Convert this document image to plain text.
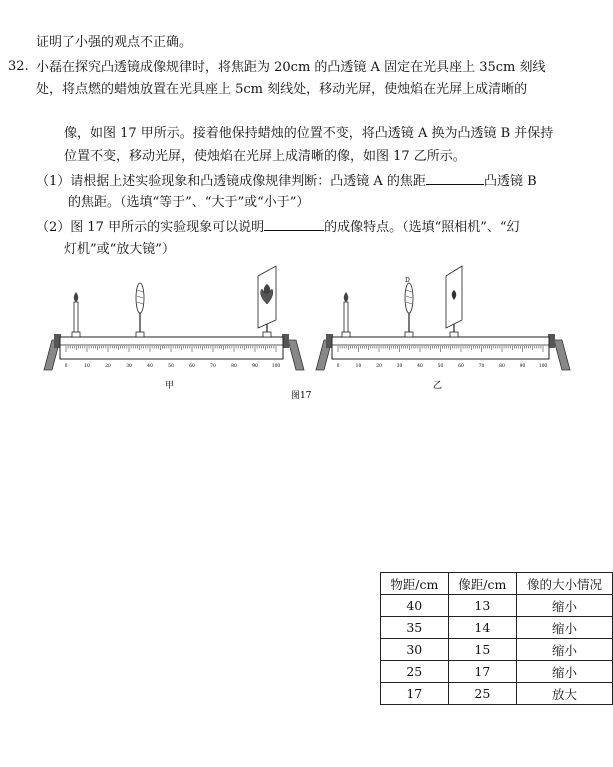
证明了小强的观点不正确。
32. 小磊在探究凸透镜成像规律时，将焦距为 20cm 的凸透镜 A 固定在光具座上 35cm 刻线
处，将点燃的蜡烛放置在光具座上 5cm 刻线处，移动光屏，使烛焰在光屏上成清晰的
像，如图 17 甲所示。接着他保持蜡烛的位置不变，将凸透镜 A 换为凸透镜 B 并保持
位置不变，移动光屏，使烛焰在光屏上成清晰的像，如图 17 乙所示。
（1）请根据上述实验现象和凸透镜成像规律判断：凸透镜 A 的焦距	凸透镜 B
的焦距。（选填“等于”、“大于”或“小于”）
（2）图 17 甲所示的实验现象可以说明	的成像特点。（选填“照相机”、“幻
灯机”或“放大镜”）
0	10	20	30	40	50	60	70	80	90	100
甲
0	10	20	30	40	50	60	70	80	90	100
D
乙
图17
物距/cm	像距/cm	像的大小情况
40	13	缩小
35	14	缩小
30	15	缩小
25	17	缩小
17	25	放大
